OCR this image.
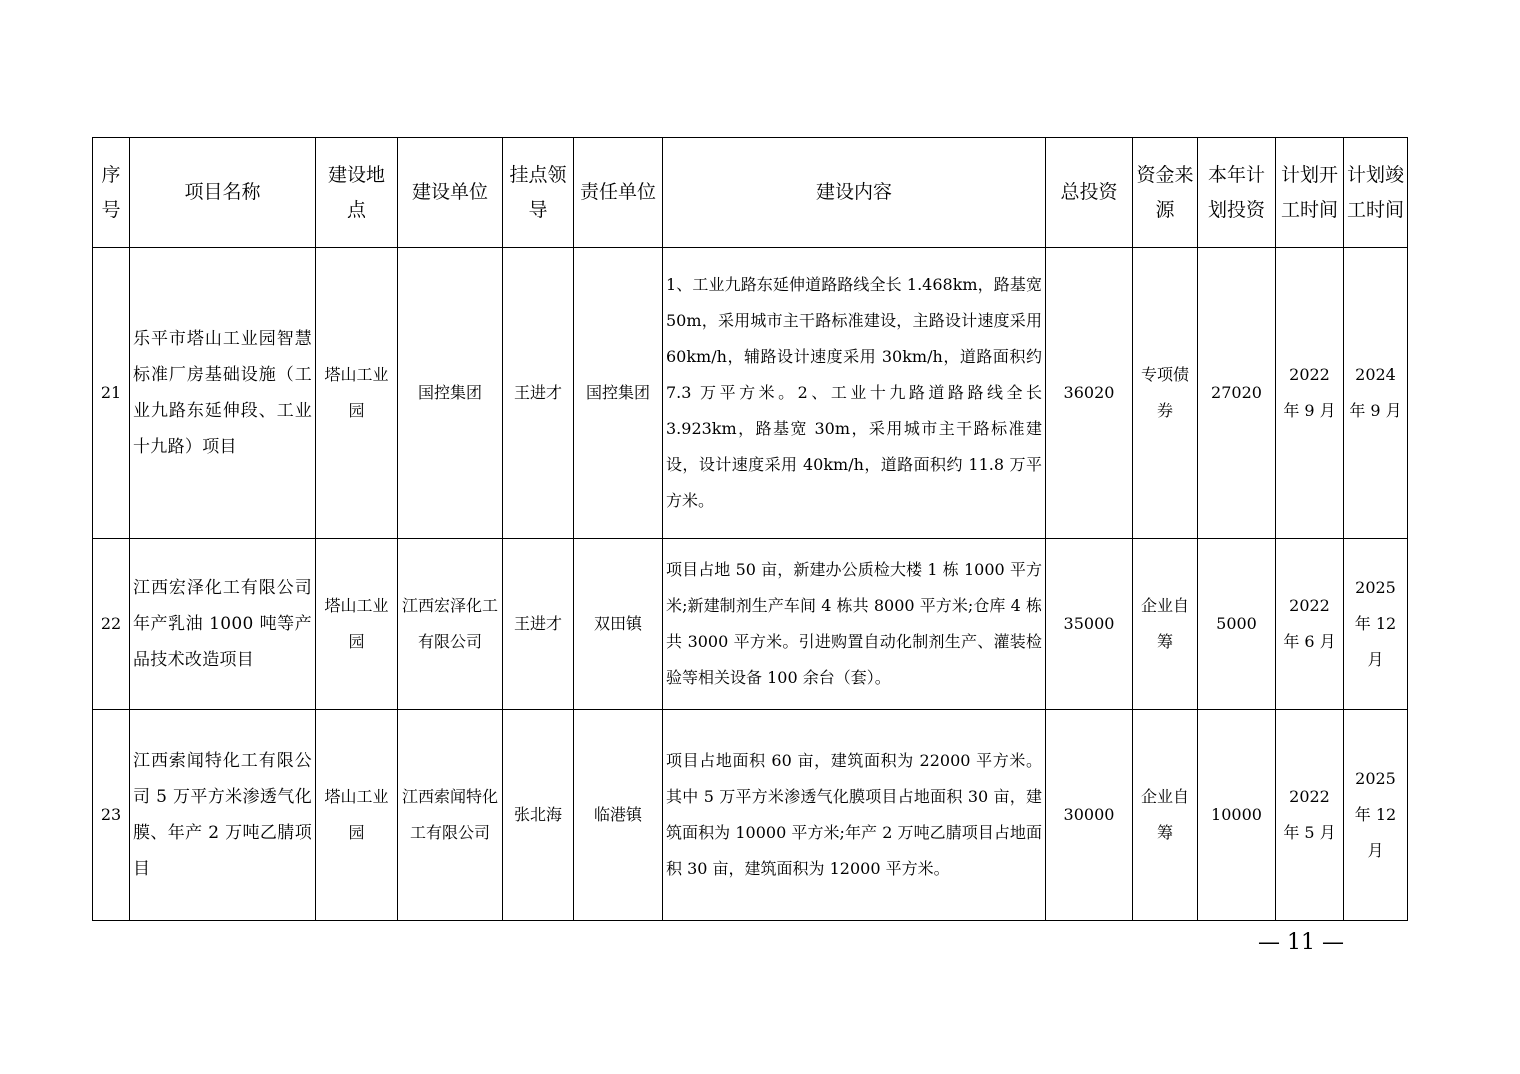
序号	项目名称	建设地点	建设单位	挂点领导	责任单位	建设内容	总投资	资金来源	本年计划投资	计划开工时间	计划竣工时间
21	乐平市塔山工业园智慧标准厂房基础设施（工业九路东延伸段、工业十九路）项目	塔山工业园	国控集团	王进才	国控集团	1、工业九路东延伸道路路线全长 1.468km，路基宽 50m，采用城市主干路标准建设，主路设计速度采用 60km/h，辅路设计速度采用 30km/h，道路面积约 7.3 万平方米。2、工业十九路道路路线全长 3.923km，路基宽 30m，采用城市主干路标准建设，设计速度采用 40km/h，道路面积约 11.8 万平方米。	36020	专项债券	27020	2022 年 9 月	2024 年 9 月
22	江西宏泽化工有限公司年产乳油 1000 吨等产品技术改造项目	塔山工业园	江西宏泽化工有限公司	王进才	双田镇	项目占地 50 亩，新建办公质检大楼 1 栋 1000 平方米;新建制剂生产车间 4 栋共 8000 平方米;仓库 4 栋共 3000 平方米。引进购置自动化制剂生产、灌装检验等相关设备 100 余台（套）。	35000	企业自筹	5000	2022 年 6 月	2025 年 12 月
23	江西索闻特化工有限公司 5 万平方米渗透气化膜、年产 2 万吨乙腈项目	塔山工业园	江西索闻特化工有限公司	张北海	临港镇	项目占地面积 60 亩，建筑面积为 22000 平方米。其中 5 万平方米渗透气化膜项目占地面积 30 亩，建筑面积为 10000 平方米;年产 2 万吨乙腈项目占地面积 30 亩，建筑面积为 12000 平方米。	30000	企业自筹	10000	2022 年 5 月	2025 年 12 月
— 11 —
